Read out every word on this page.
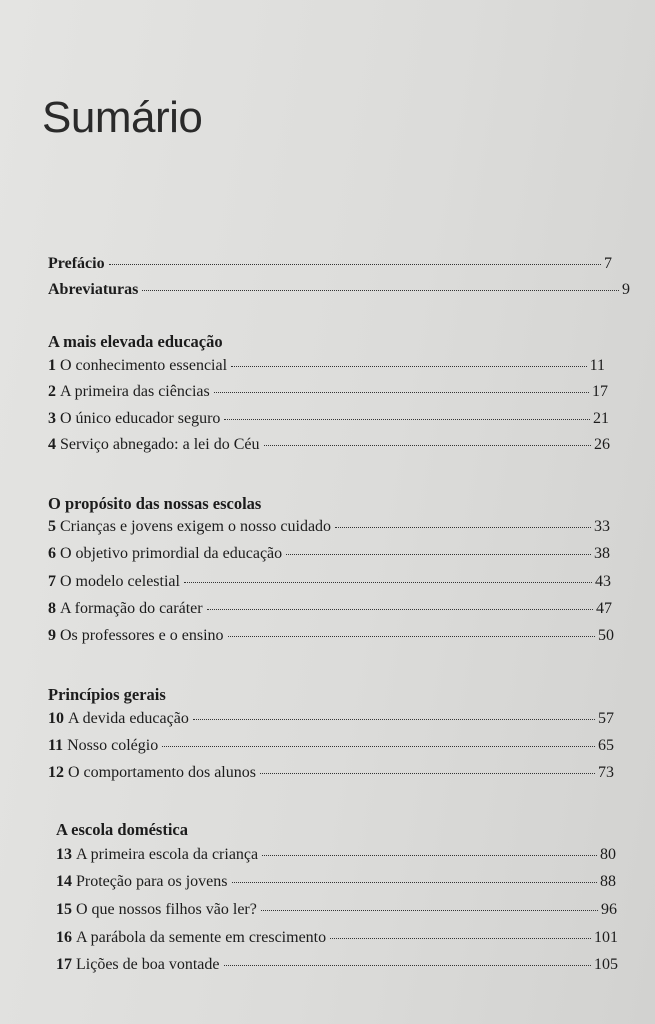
Sumário
Prefácio	7
Abreviaturas	9
A mais elevada educação
1 O conhecimento essencial	11
2 A primeira das ciências	17
3 O único educador seguro	21
4 Serviço abnegado: a lei do Céu	26
O propósito das nossas escolas
5 Crianças e jovens exigem o nosso cuidado	33
6 O objetivo primordial da educação	38
7 O modelo celestial	43
8 A formação do caráter	47
9 Os professores e o ensino	50
Princípios gerais
10 A devida educação	57
11 Nosso colégio	65
12 O comportamento dos alunos	73
A escola doméstica
13 A primeira escola da criança	80
14 Proteção para os jovens	88
15 O que nossos filhos vão ler?	96
16 A parábola da semente em crescimento	101
17 Lições de boa vontade	105
